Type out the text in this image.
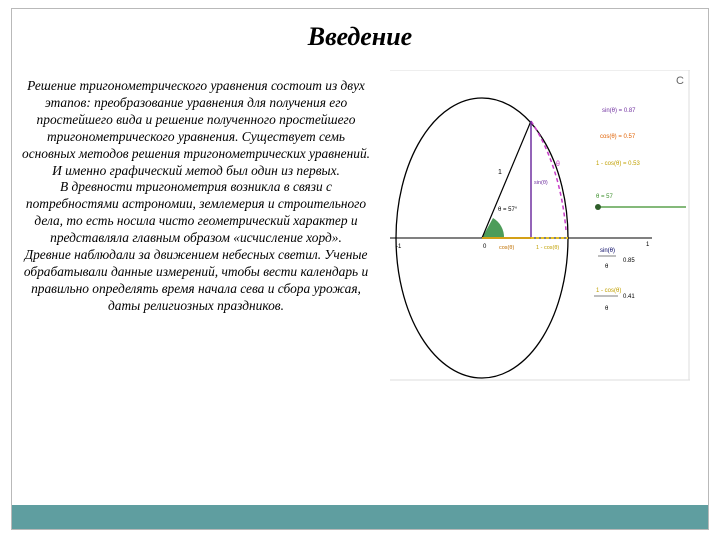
Введение

Решение тригонометрического уравнения состоит из двух этапов: преобразование уравнения для получения его простейшего вида и решение полученного простейшего тригонометрического уравнения. Существует семь основных методов решения тригонометрических уравнений. И именно графический метод был один из первых.

В древности тригонометрия возникла в связи с потребностями астрономии, землемерия и строительного дела, то есть носила чисто геометрический характер и представляла главным образом «исчисление хорд».

Древние наблюдали за движением небесных светил. Ученые обрабатывали данные измерений, чтобы вести календарь и правильно определять время начала сева и сбора урожая, даты религиозных праздников.

C
1
θ = 57°
-1	0	1
sin(θ)
cos(θ)	1 - cos(θ)
θ
sin(θ) = 0.87
cos(θ) = 0.57
1 - cos(θ) = 0.53
θ = 57
sin(θ)
θ
0.85
1 - cos(θ)
θ
0.41
